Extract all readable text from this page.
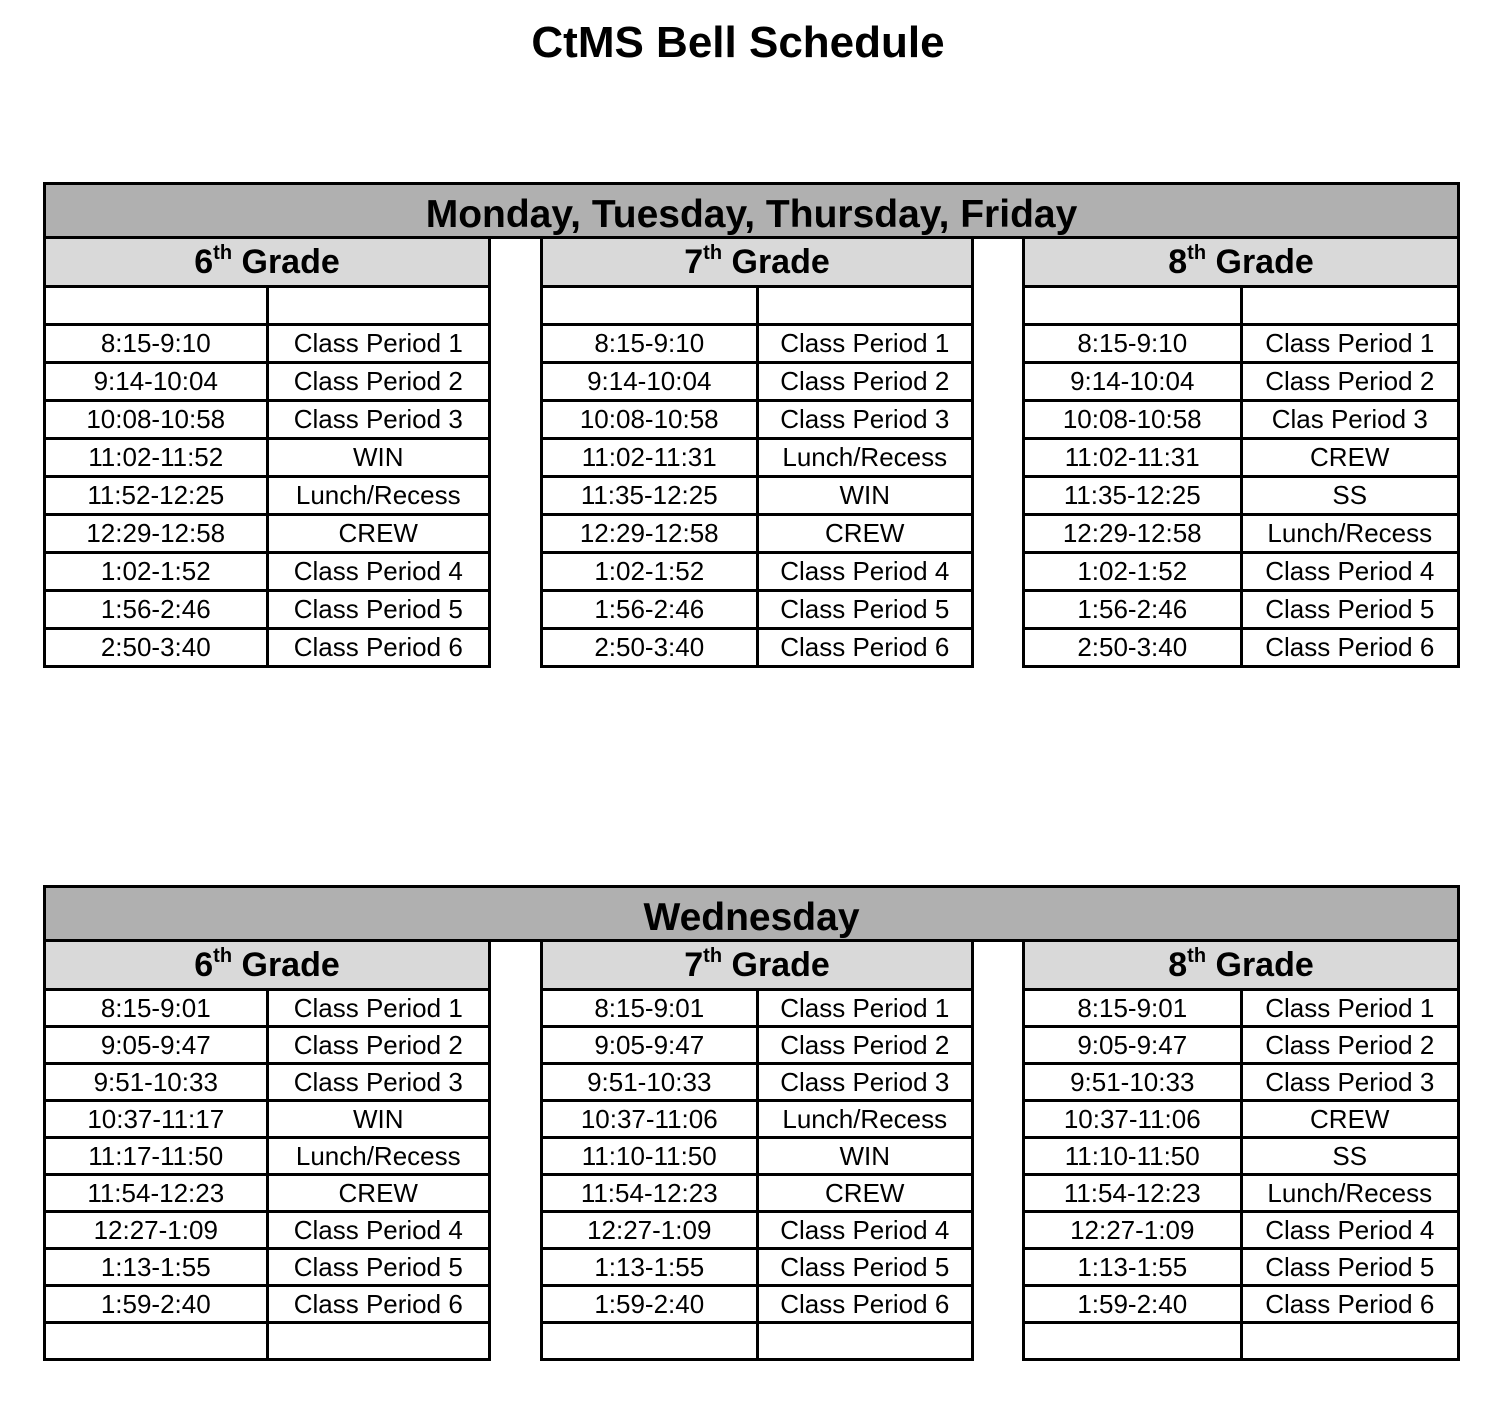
CtMS Bell Schedule
Monday, Tuesday, Thursday, Friday
6th Grade	

8:15-9:10	Class Period 1
9:14-10:04	Class Period 2
10:08-10:58	Class Period 3
11:02-11:52	WIN
11:52-12:25	Lunch/Recess
12:29-12:58	CREW
1:02-1:52	Class Period 4
1:56-2:46	Class Period 5
2:50-3:40	Class Period 6
7th Grade	

8:15-9:10	Class Period 1
9:14-10:04	Class Period 2
10:08-10:58	Class Period 3
11:02-11:31	Lunch/Recess
11:35-12:25	WIN
12:29-12:58	CREW
1:02-1:52	Class Period 4
1:56-2:46	Class Period 5
2:50-3:40	Class Period 6
8th Grade	

8:15-9:10	Class Period 1
9:14-10:04	Class Period 2
10:08-10:58	Clas Period 3
11:02-11:31	CREW
11:35-12:25	SS
12:29-12:58	Lunch/Recess
1:02-1:52	Class Period 4
1:56-2:46	Class Period 5
2:50-3:40	Class Period 6
Wednesday
6th Grade	
8:15-9:01	Class Period 1
9:05-9:47	Class Period 2
9:51-10:33	Class Period 3
10:37-11:17	WIN
11:17-11:50	Lunch/Recess
11:54-12:23	CREW
12:27-1:09	Class Period 4
1:13-1:55	Class Period 5
1:59-2:40	Class Period 6

7th Grade	
8:15-9:01	Class Period 1
9:05-9:47	Class Period 2
9:51-10:33	Class Period 3
10:37-11:06	Lunch/Recess
11:10-11:50	WIN
11:54-12:23	CREW
12:27-1:09	Class Period 4
1:13-1:55	Class Period 5
1:59-2:40	Class Period 6

8th Grade	
8:15-9:01	Class Period 1
9:05-9:47	Class Period 2
9:51-10:33	Class Period 3
10:37-11:06	CREW
11:10-11:50	SS
11:54-12:23	Lunch/Recess
12:27-1:09	Class Period 4
1:13-1:55	Class Period 5
1:59-2:40	Class Period 6
